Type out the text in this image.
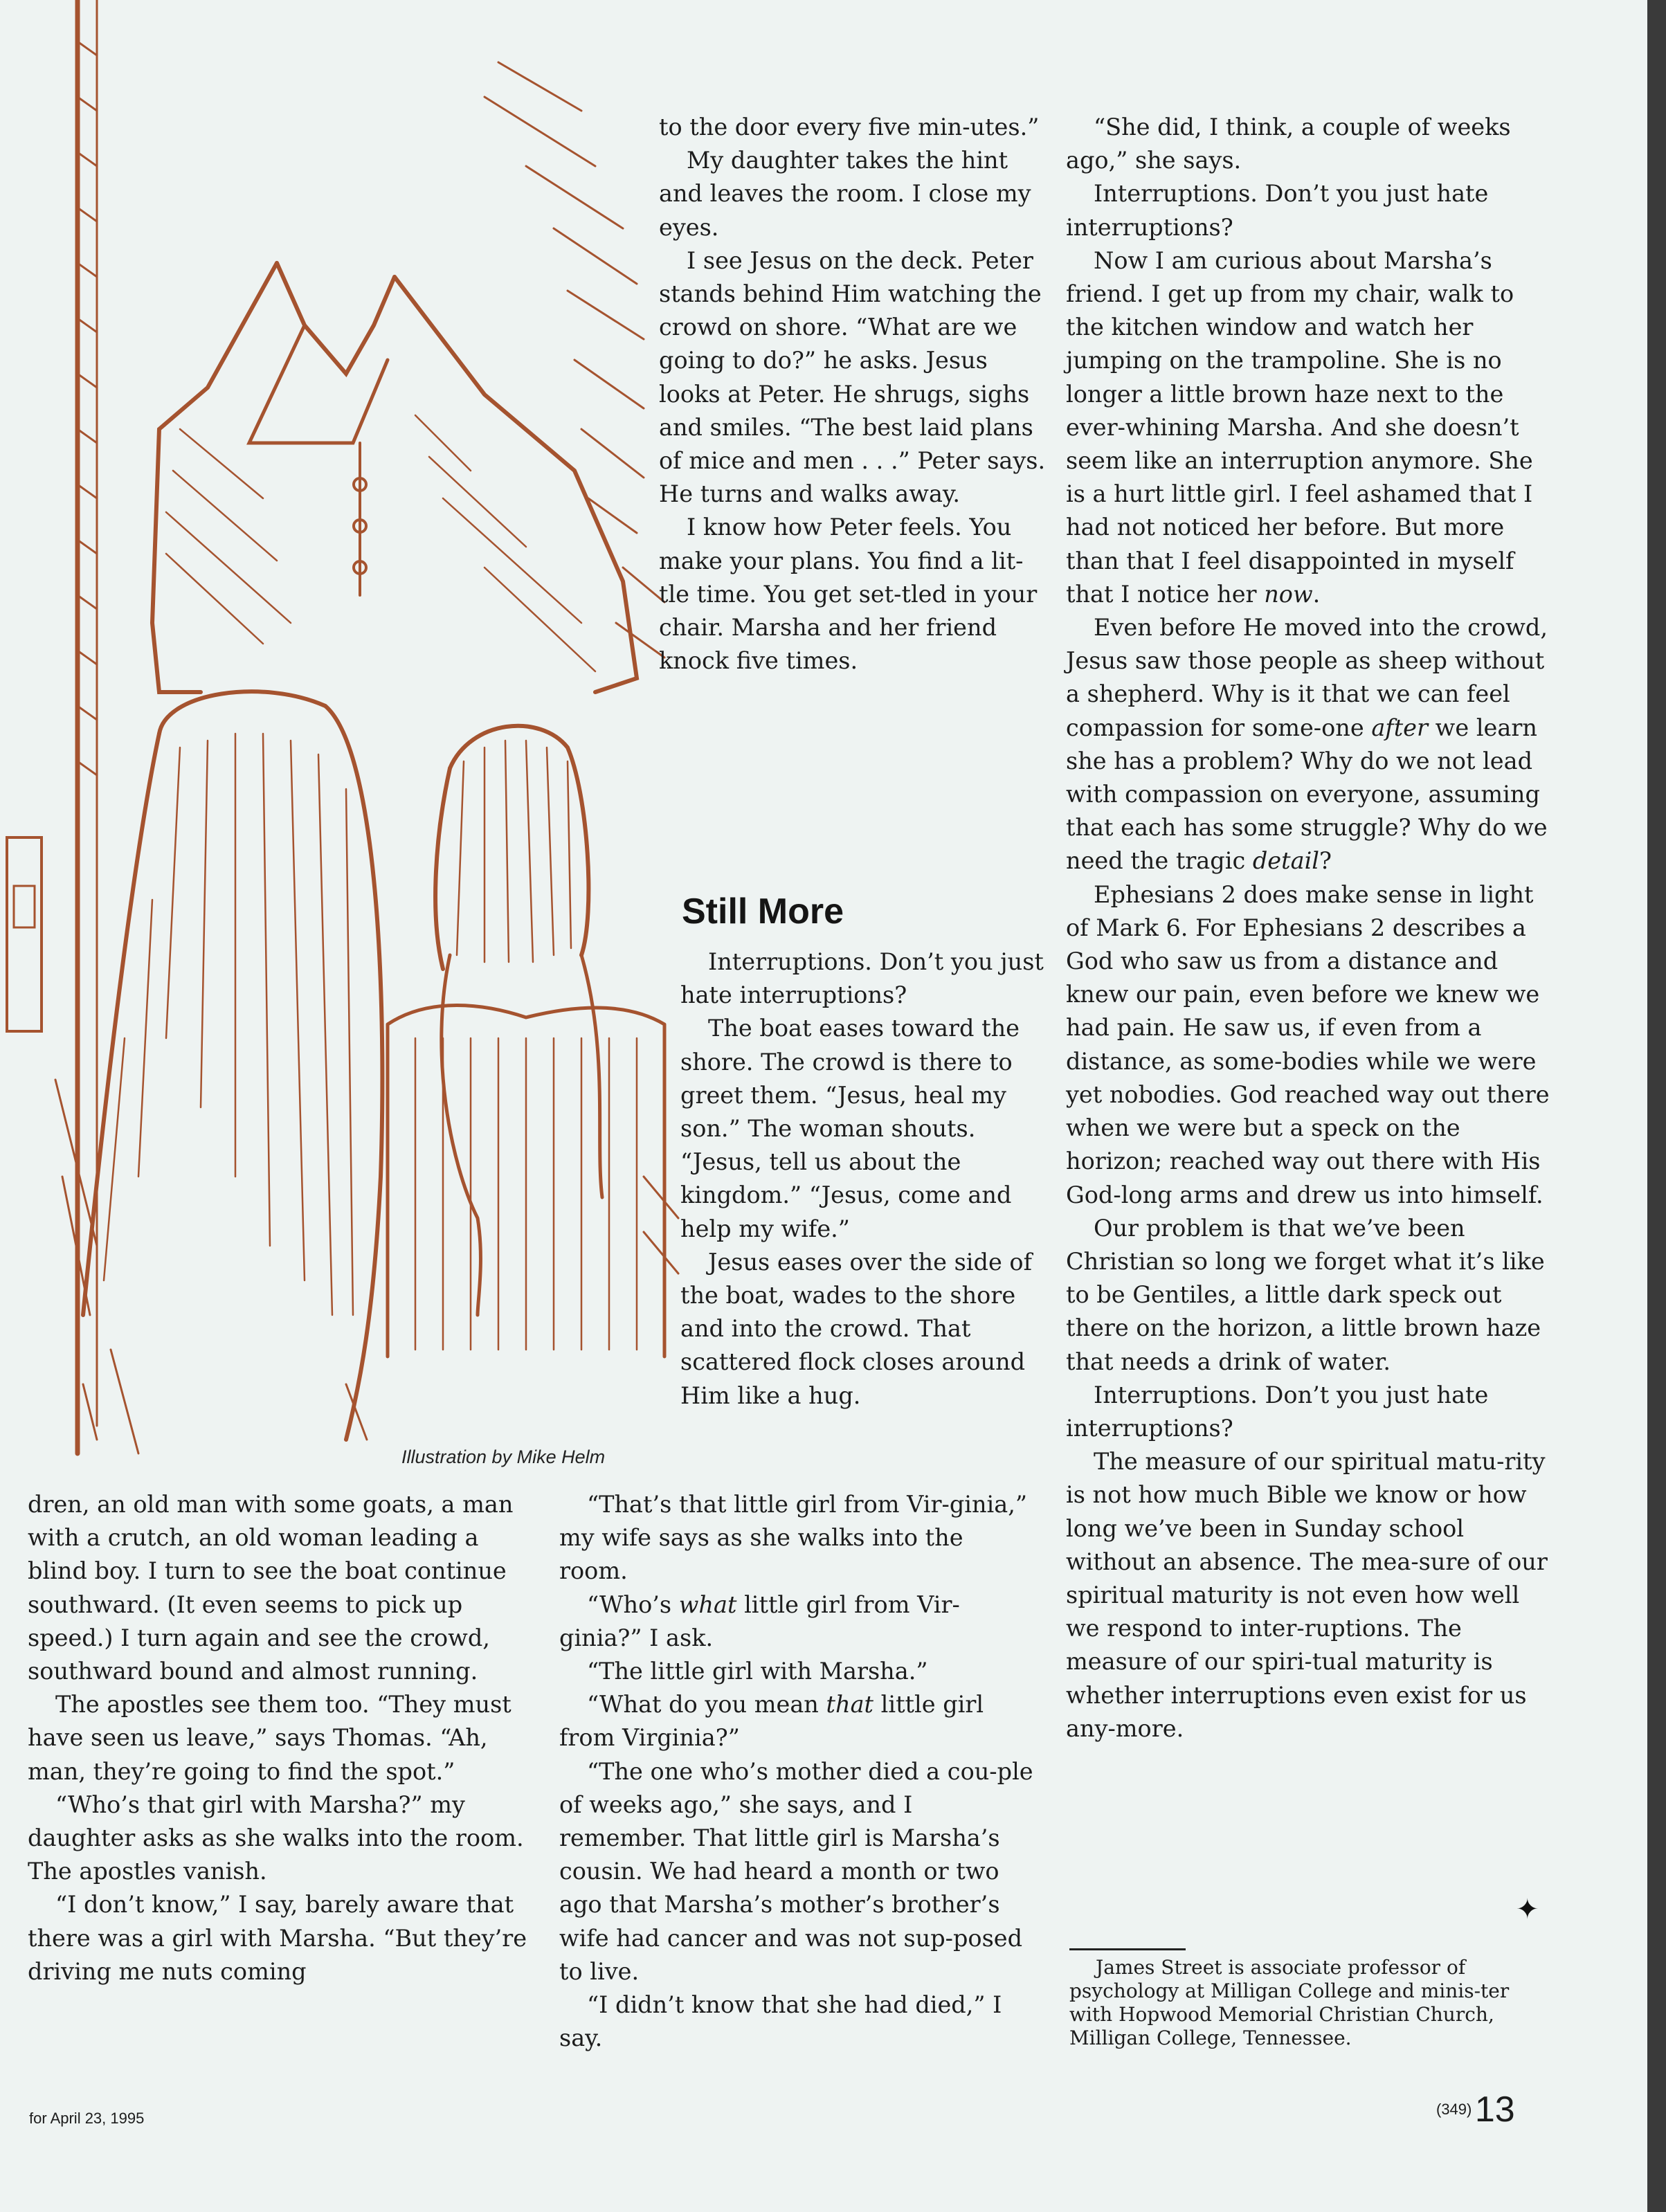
Illustration by Mike Helm

to the door every five min-utes.”

My daughter takes the hint and leaves the room. I close my eyes.

I see Jesus on the deck. Peter stands behind Him watching the crowd on shore. “What are we going to do?” he asks. Jesus looks at Peter. He shrugs, sighs and smiles. “The best laid plans of mice and men . . .” Peter says. He turns and walks away.

I know how Peter feels. You make your plans. You find a lit-tle time. You get set-tled in your chair. Marsha and her friend knock five times.

Still More

Interruptions. Don’t you just hate interruptions?

The boat eases toward the shore. The crowd is there to greet them. “Jesus, heal my son.” The woman shouts. “Jesus, tell us about the kingdom.” “Jesus, come and help my wife.”

Jesus eases over the side of the boat, wades to the shore and into the crowd. That scattered flock closes around Him like a hug.

dren, an old man with some goats, a man with a crutch, an old woman leading a blind boy. I turn to see the boat continue southward. (It even seems to pick up speed.) I turn again and see the crowd, southward bound and almost running.

The apostles see them too. “They must have seen us leave,” says Thomas. “Ah, man, they’re going to find the spot.”

“Who’s that girl with Marsha?” my daughter asks as she walks into the room. The apostles vanish.

“I don’t know,” I say, barely aware that there was a girl with Marsha. “But they’re driving me nuts coming

“That’s that little girl from Vir-ginia,” my wife says as she walks into the room.

“Who’s what little girl from Vir-ginia?” I ask.

“The little girl with Marsha.”

“What do you mean that little girl from Virginia?”

“The one who’s mother died a cou-ple of weeks ago,” she says, and I remember. That little girl is Marsha’s cousin. We had heard a month or two ago that Marsha’s mother’s brother’s wife had cancer and was not sup-posed to live.

“I didn’t know that she had died,” I say.

“She did, I think, a couple of weeks ago,” she says.

Interruptions. Don’t you just hate interruptions?

Now I am curious about Marsha’s friend. I get up from my chair, walk to the kitchen window and watch her jumping on the trampoline. She is no longer a little brown haze next to the ever-whining Marsha. And she doesn’t seem like an interruption anymore. She is a hurt little girl. I feel ashamed that I had not noticed her before. But more than that I feel disappointed in myself that I notice her now.

Even before He moved into the crowd, Jesus saw those people as sheep without a shepherd. Why is it that we can feel compassion for some-one after we learn she has a problem? Why do we not lead with compassion on everyone, assuming that each has some struggle? Why do we need the tragic detail?

Ephesians 2 does make sense in light of Mark 6. For Ephesians 2 describes a God who saw us from a distance and knew our pain, even before we knew we had pain. He saw us, if even from a distance, as some-bodies while we were yet nobodies. God reached way out there when we were but a speck on the horizon; reached way out there with His God-long arms and drew us into himself.

Our problem is that we’ve been Christian so long we forget what it’s like to be Gentiles, a little dark speck out there on the horizon, a little brown haze that needs a drink of water.

Interruptions. Don’t you just hate interruptions?

The measure of our spiritual matu-rity is not how much Bible we know or how long we’ve been in Sunday school without an absence. The mea-sure of our spiritual maturity is not even how well we respond to inter-ruptions. The measure of our spiri-tual maturity is whether interruptions even exist for us any-more.

✦

James Street is associate professor of psychology at Milligan College and minis-ter with Hopwood Memorial Christian Church, Milligan College, Tennessee.

for April 23, 1995
(349) 13
